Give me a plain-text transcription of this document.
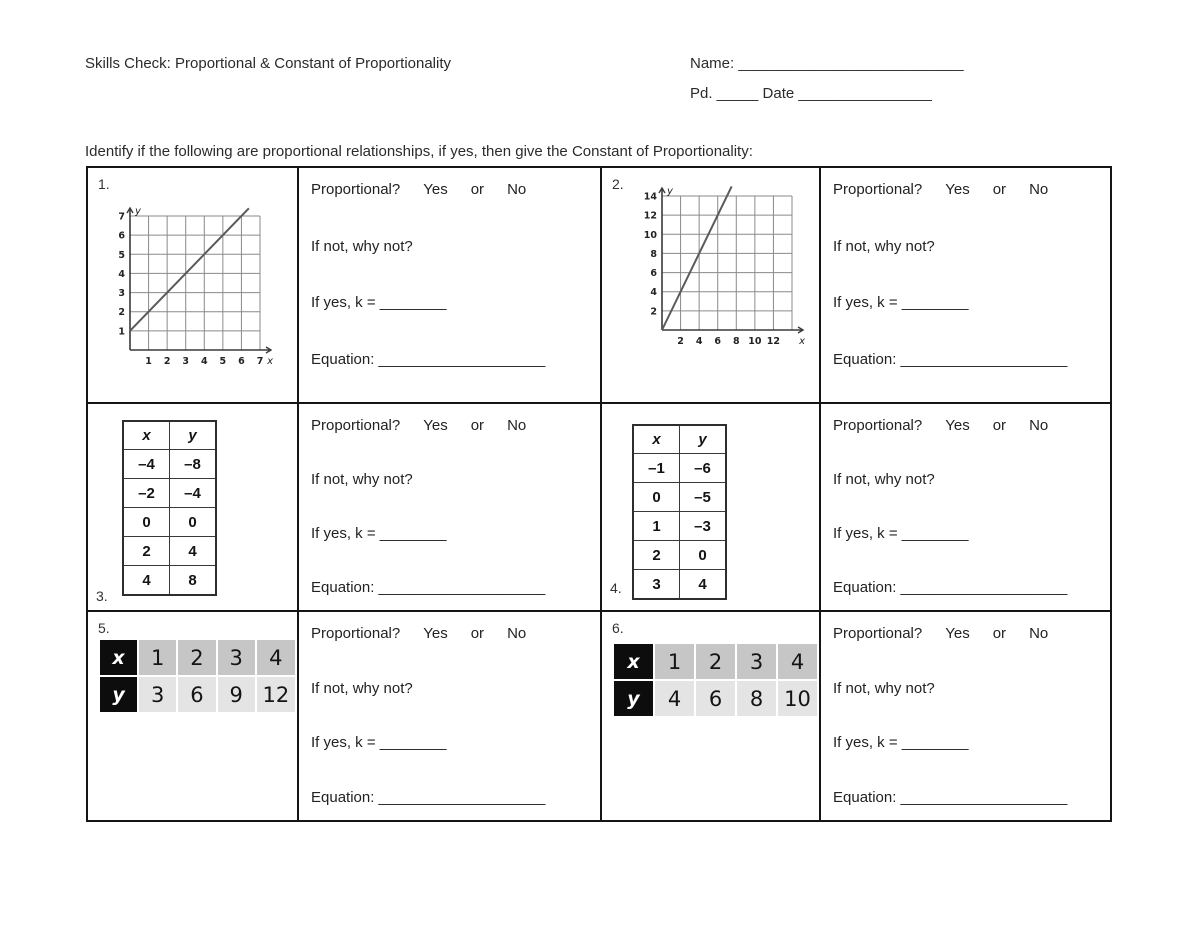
Skills Check: Proportional & Constant of Proportionality	Name: ___________________________
Pd. _____ Date ________________
Identify if the following are proportional relationships, if yes, then give the Constant of Proportionality:
1.
1 2 3 4 5 6 7
1
2
3
4
5
6
7 y
x
Proportional? Yes or No
If not, why not?
If yes, k = ________
Equation: ____________________
2.
2 4 6 8 10 12
2
4
6
8
10
12
14 y
x
Proportional? Yes or No
If not, why not?
If yes, k = ________
Equation: ____________________
3.
x	y
–4	–8
–2	–4
0	0
2	4
4	8
Proportional? Yes or No
If not, why not?
If yes, k = ________
Equation: ____________________	4.
x	y
–1	–6
0	–5
1	–3
2	0
3	4
Proportional? Yes or No
If not, why not?
If yes, k = ________
Equation: ____________________
5.
x	1	2	3	4
y	3	6	9	12
Proportional? Yes or No
If not, why not?
If yes, k = ________
Equation: ____________________
6.
x	1	2	3	4
y	4	6	8	10
Proportional? Yes or No
If not, why not?
If yes, k = ________
Equation: ____________________
